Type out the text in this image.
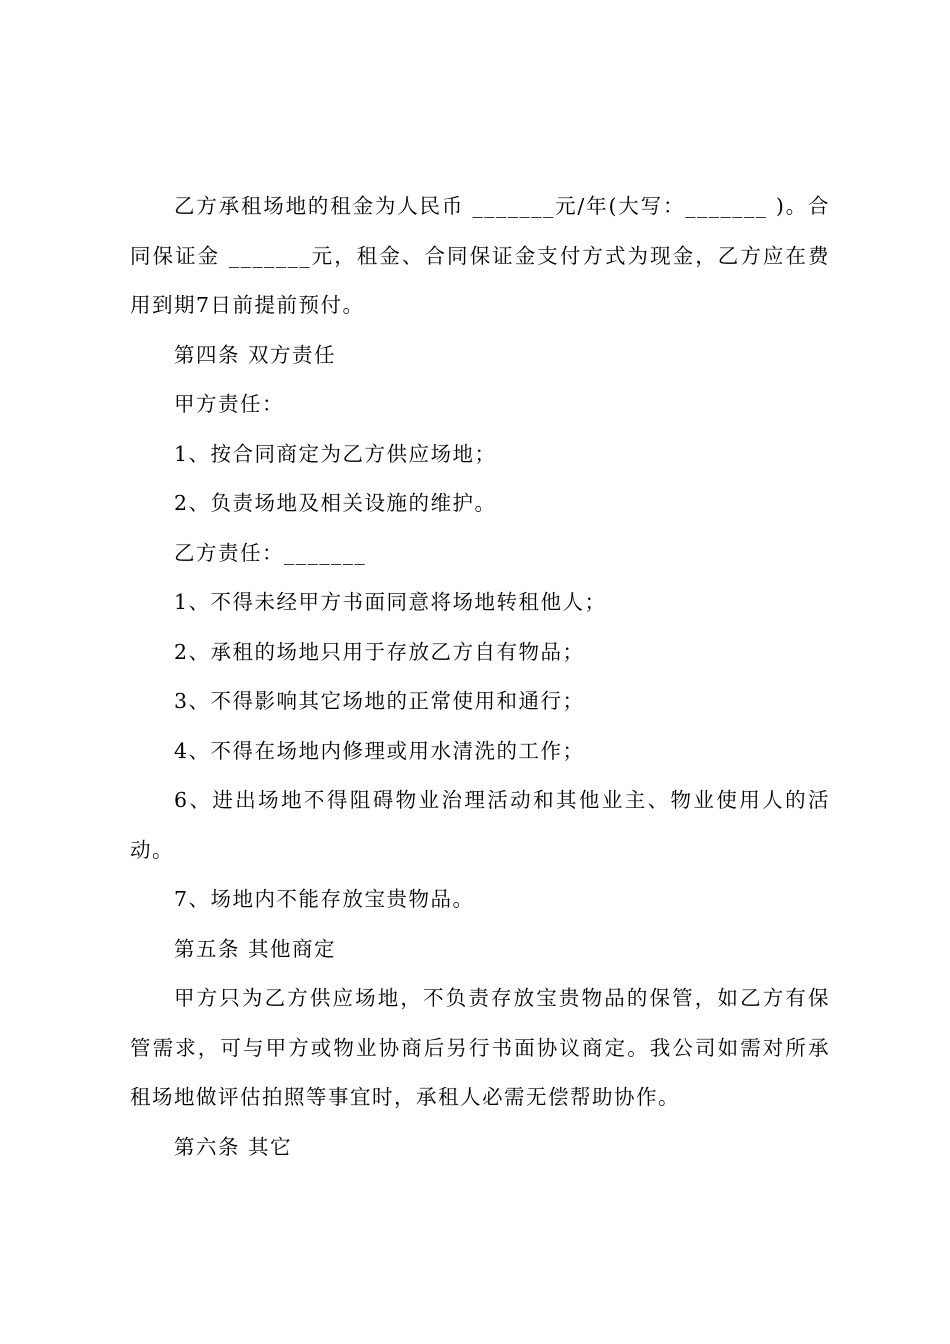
乙方承租场地的租金为人民币 _______元/年(大写：_______ )。合
同保证金 _______元，租金、合同保证金支付方式为现金，乙方应在费
用到期7日前提前预付。
第四条 双方责任
甲方责任：
1、按合同商定为乙方供应场地；
2、负责场地及相关设施的维护。
乙方责任：_______
1、不得未经甲方书面同意将场地转租他人；
2、承租的场地只用于存放乙方自有物品；
3、不得影响其它场地的正常使用和通行；
4、不得在场地内修理或用水清洗的工作；
6、进出场地不得阻碍物业治理活动和其他业主、物业使用人的活
动。
7、场地内不能存放宝贵物品。
第五条 其他商定
甲方只为乙方供应场地，不负责存放宝贵物品的保管，如乙方有保
管需求，可与甲方或物业协商后另行书面协议商定。我公司如需对所承
租场地做评估拍照等事宜时，承租人必需无偿帮助协作。
第六条 其它
